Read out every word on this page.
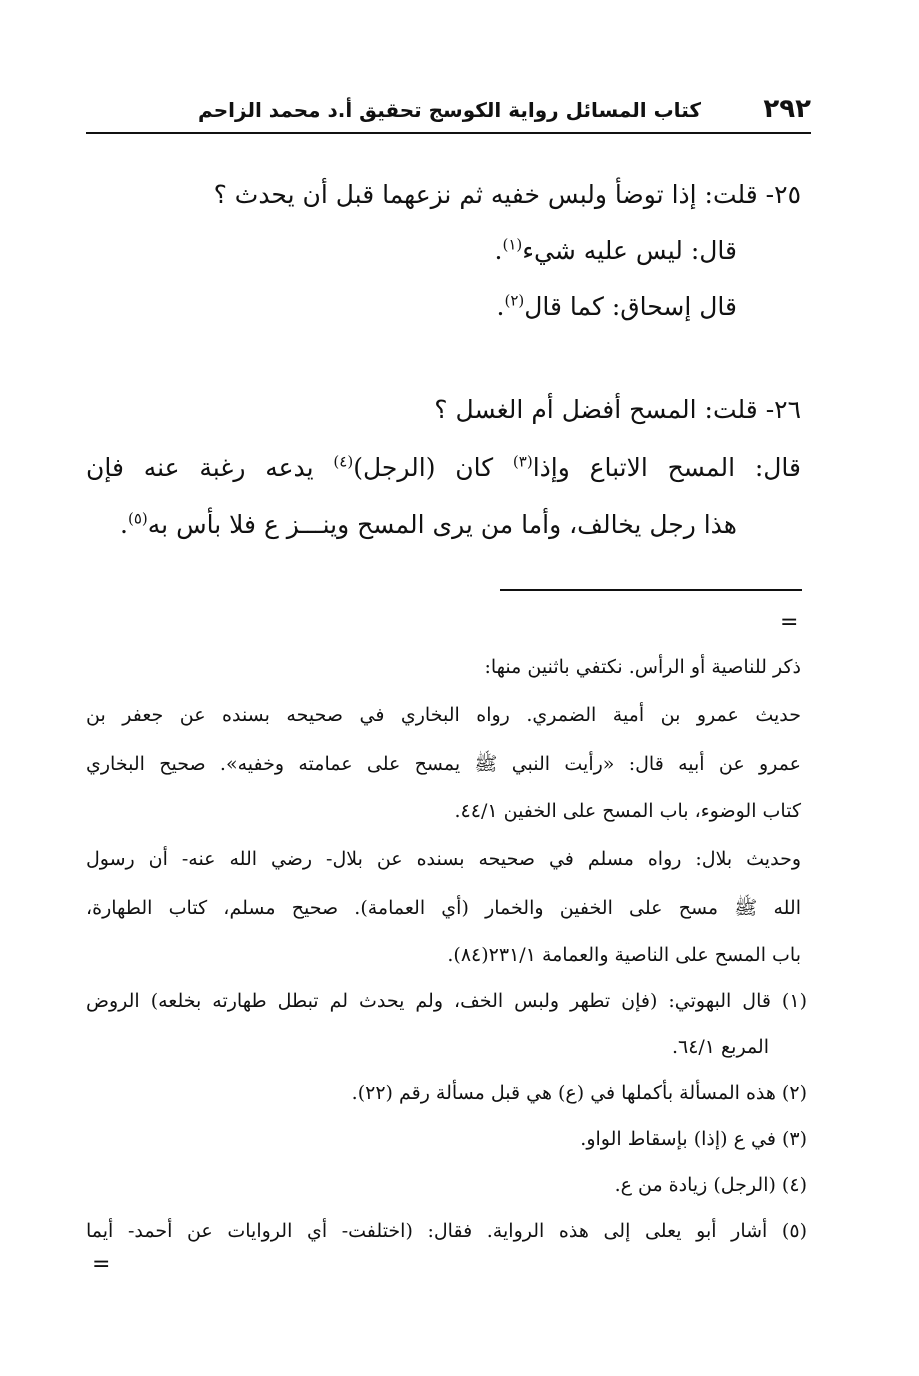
٢٩٢
كتاب المسائل رواية الكوسج تحقيق أ.د محمد الزاحم
٢٥- قلت: إذا توضأ ولبس خفيه ثم نزعهما قبل أن يحدث ؟
قال: ليس عليه شيء$^{(١)}$.
قال إسحاق: كما قال$^{(٢)}$.
٢٦- قلت: المسح أفضل أم الغسل ؟
قال: المسح الاتباع وإذا$^{(٣)}$ كان (الرجل)$^{(٤)}$ يدعه رغبة عنه فإن
هذا رجل يخالف، وأما من يرى المسح وينـــز ع فلا بأس به$^{(٥)}$.
=
ذكر للناصية أو الرأس. نكتفي باثنين منها:
حديث عمرو بن أمية الضمري. رواه البخاري في صحيحه بسنده عن جعفر بن
عمرو عن أبيه قال: «رأيت النبي ﷺ يمسح على عمامته وخفيه». صحيح البخاري
كتاب الوضوء، باب المسح على الخفين ٤٤/١.
وحديث بلال: رواه مسلم في صحيحه بسنده عن بلال- رضي الله عنه- أن رسول
الله ﷺ مسح على الخفين والخمار (أي العمامة). صحيح مسلم، كتاب الطهارة،
باب المسح على الناصية والعمامة ٢٣١/١(٨٤).
(١) قال البهوتي: (فإن تطهر ولبس الخف، ولم يحدث لم تبطل طهارته بخلعه) الروض
المربع ٦٤/١.
(٢) هذه المسألة بأكملها في (ع) هي قبل مسألة رقم (٢٢).
(٣) في ع (إذا) بإسقاط الواو.
(٤) (الرجل) زيادة من ع.
(٥) أشار أبو يعلى إلى هذه الرواية. فقال: (اختلفت- أي الروايات عن أحمد- أيما
=
